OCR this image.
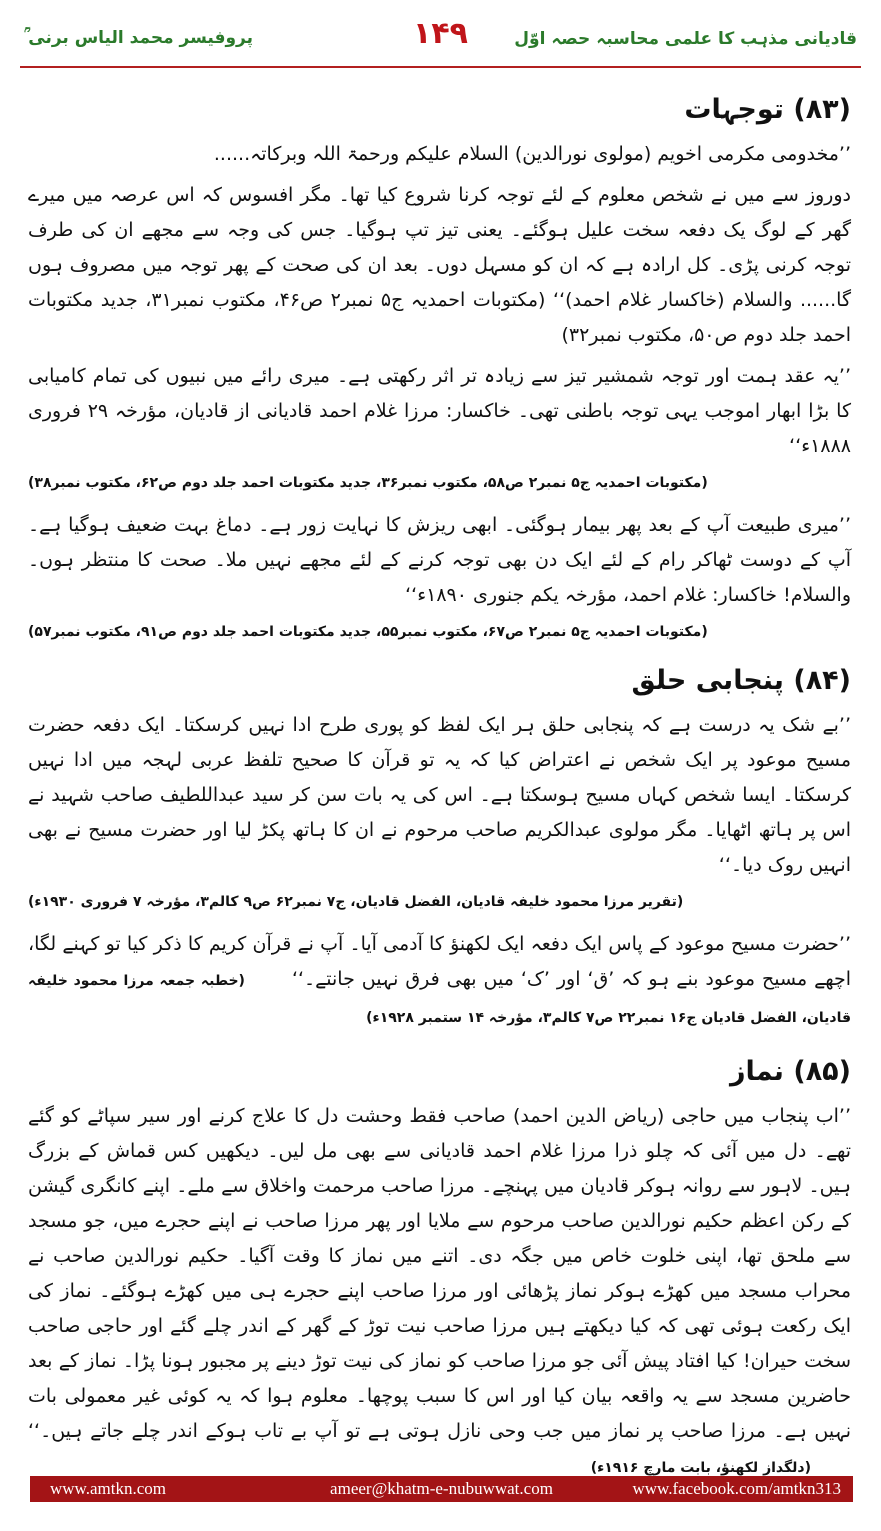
پروفیسر محمد الیاس برنی ؒ	۱۴۹	قادیانی مذہب کا علمی محاسبہ حصہ اوّل
(۸۳) توجہات

’’مخدومی مکرمی اخویم (مولوی نورالدین) السلام علیکم ورحمۃ اللہ وبرکاتہ......

دوروز سے میں نے شخص معلوم کے لئے توجہ کرنا شروع کیا تھا۔ مگر افسوس کہ اس عرصہ میں میرے گھر کے لوگ یک دفعہ سخت علیل ہوگئے۔ یعنی تیز تپ ہوگیا۔ جس کی وجہ سے مجھے ان کی طرف توجہ کرنی پڑی۔ کل ارادہ ہے کہ ان کو مسہل دوں۔ بعد ان کی صحت کے پھر توجہ میں مصروف ہوں گا...... والسلام (خاکسار غلام احمد)‘‘ (مکتوبات احمدیہ ج۵ نمبر۲ ص۴۶، مکتوب نمبر۳۱، جدید مکتوبات احمد جلد دوم ص۵۰، مکتوب نمبر۳۲)

’’یہ عقد ہمت اور توجہ شمشیر تیز سے زیادہ تر اثر رکھتی ہے۔ میری رائے میں نبیوں کی تمام کامیابی کا بڑا ابھار اموجب یہی توجہ باطنی تھی۔ خاکسار: مرزا غلام احمد قادیانی از قادیان، مؤرخہ ۲۹ فروری ۱۸۸۸ء‘‘

(مکتوبات احمدیہ ج۵ نمبر۲ ص۵۸، مکتوب نمبر۳۶، جدید مکتوبات احمد جلد دوم ص۶۲، مکتوب نمبر۳۸)

’’میری طبیعت آپ کے بعد پھر بیمار ہوگئی۔ ابھی ریزش کا نہایت زور ہے۔ دماغ بہت ضعیف ہوگیا ہے۔ آپ کے دوست ٹھاکر رام کے لئے ایک دن بھی توجہ کرنے کے لئے مجھے نہیں ملا۔ صحت کا منتظر ہوں۔ والسلام! خاکسار: غلام احمد، مؤرخہ یکم جنوری ۱۸۹۰ء‘‘

(مکتوبات احمدیہ ج۵ نمبر۲ ص۶۷، مکتوب نمبر۵۵، جدید مکتوبات احمد جلد دوم ص۹۱، مکتوب نمبر۵۷)
(۸۴) پنجابی حلق

’’بے شک یہ درست ہے کہ پنجابی حلق ہر ایک لفظ کو پوری طرح ادا نہیں کرسکتا۔ ایک دفعہ حضرت مسیح موعود پر ایک شخص نے اعتراض کیا کہ یہ تو قرآن کا صحیح تلفظ عربی لہجہ میں ادا نہیں کرسکتا۔ ایسا شخص کہاں مسیح ہوسکتا ہے۔ اس کی یہ بات سن کر سید عبداللطیف صاحب شہید نے اس پر ہاتھ اٹھایا۔ مگر مولوی عبدالکریم صاحب مرحوم نے ان کا ہاتھ پکڑ لیا اور حضرت مسیح نے بھی انہیں روک دیا۔‘‘

(تقریر مرزا محمود خلیفہ قادیان، الفضل قادیان، ج۷ نمبر۶۲ ص۹ کالم۳، مؤرخہ ۷ فروری ۱۹۳۰ء)

’’حضرت مسیح موعود کے پاس ایک دفعہ ایک لکھنؤ کا آدمی آیا۔ آپ نے قرآن کریم کا ذکر کیا تو کہنے لگا، اچھے مسیح موعود بنے ہو کہ ’ق‘ اور ’ک‘ میں بھی فرق نہیں جانتے۔‘‘ (خطبہ جمعہ مرزا محمود خلیفہ قادیان، الفضل قادیان ج۱۶ نمبر۲۲ ص۷ کالم۳، مؤرخہ ۱۴ ستمبر ۱۹۲۸ء)

(۸۵) نماز

’’اب پنجاب میں حاجی (ریاض الدین احمد) صاحب فقط وحشت دل کا علاج کرنے اور سیر سپاٹے کو گئے تھے۔ دل میں آئی کہ چلو ذرا مرزا غلام احمد قادیانی سے بھی مل لیں۔ دیکھیں کس قماش کے بزرگ ہیں۔ لاہور سے روانہ ہوکر قادیان میں پہنچے۔ مرزا صاحب مرحمت واخلاق سے ملے۔ اپنے کانگری گیشن کے رکن اعظم حکیم نورالدین صاحب مرحوم سے ملایا اور پھر مرزا صاحب نے اپنے حجرے میں، جو مسجد سے ملحق تھا، اپنی خلوت خاص میں جگہ دی۔ اتنے میں نماز کا وقت آگیا۔ حکیم نورالدین صاحب نے محراب مسجد میں کھڑے ہوکر نماز پڑھائی اور مرزا صاحب اپنے حجرے ہی میں کھڑے ہوگئے۔ نماز کی ایک رکعت ہوئی تھی کہ کیا دیکھتے ہیں مرزا صاحب نیت توڑ کے گھر کے اندر چلے گئے اور حاجی صاحب سخت حیران! کیا افتاد پیش آئی جو مرزا صاحب کو نماز کی نیت توڑ دینے پر مجبور ہونا پڑا۔ نماز کے بعد حاضرین مسجد سے یہ واقعہ بیان کیا اور اس کا سبب پوچھا۔ معلوم ہوا کہ یہ کوئی غیر معمولی بات نہیں ہے۔ مرزا صاحب پر نماز میں جب وحی نازل ہوتی ہے تو آپ بے تاب ہوکے اندر چلے جاتے ہیں۔‘‘ (دلگداز لکھنؤ، بابت مارچ ۱۹۱۶ء)

www.amtkn.com	ameer@khatm-e-nubuwwat.com	www.facebook.com/amtkn313
